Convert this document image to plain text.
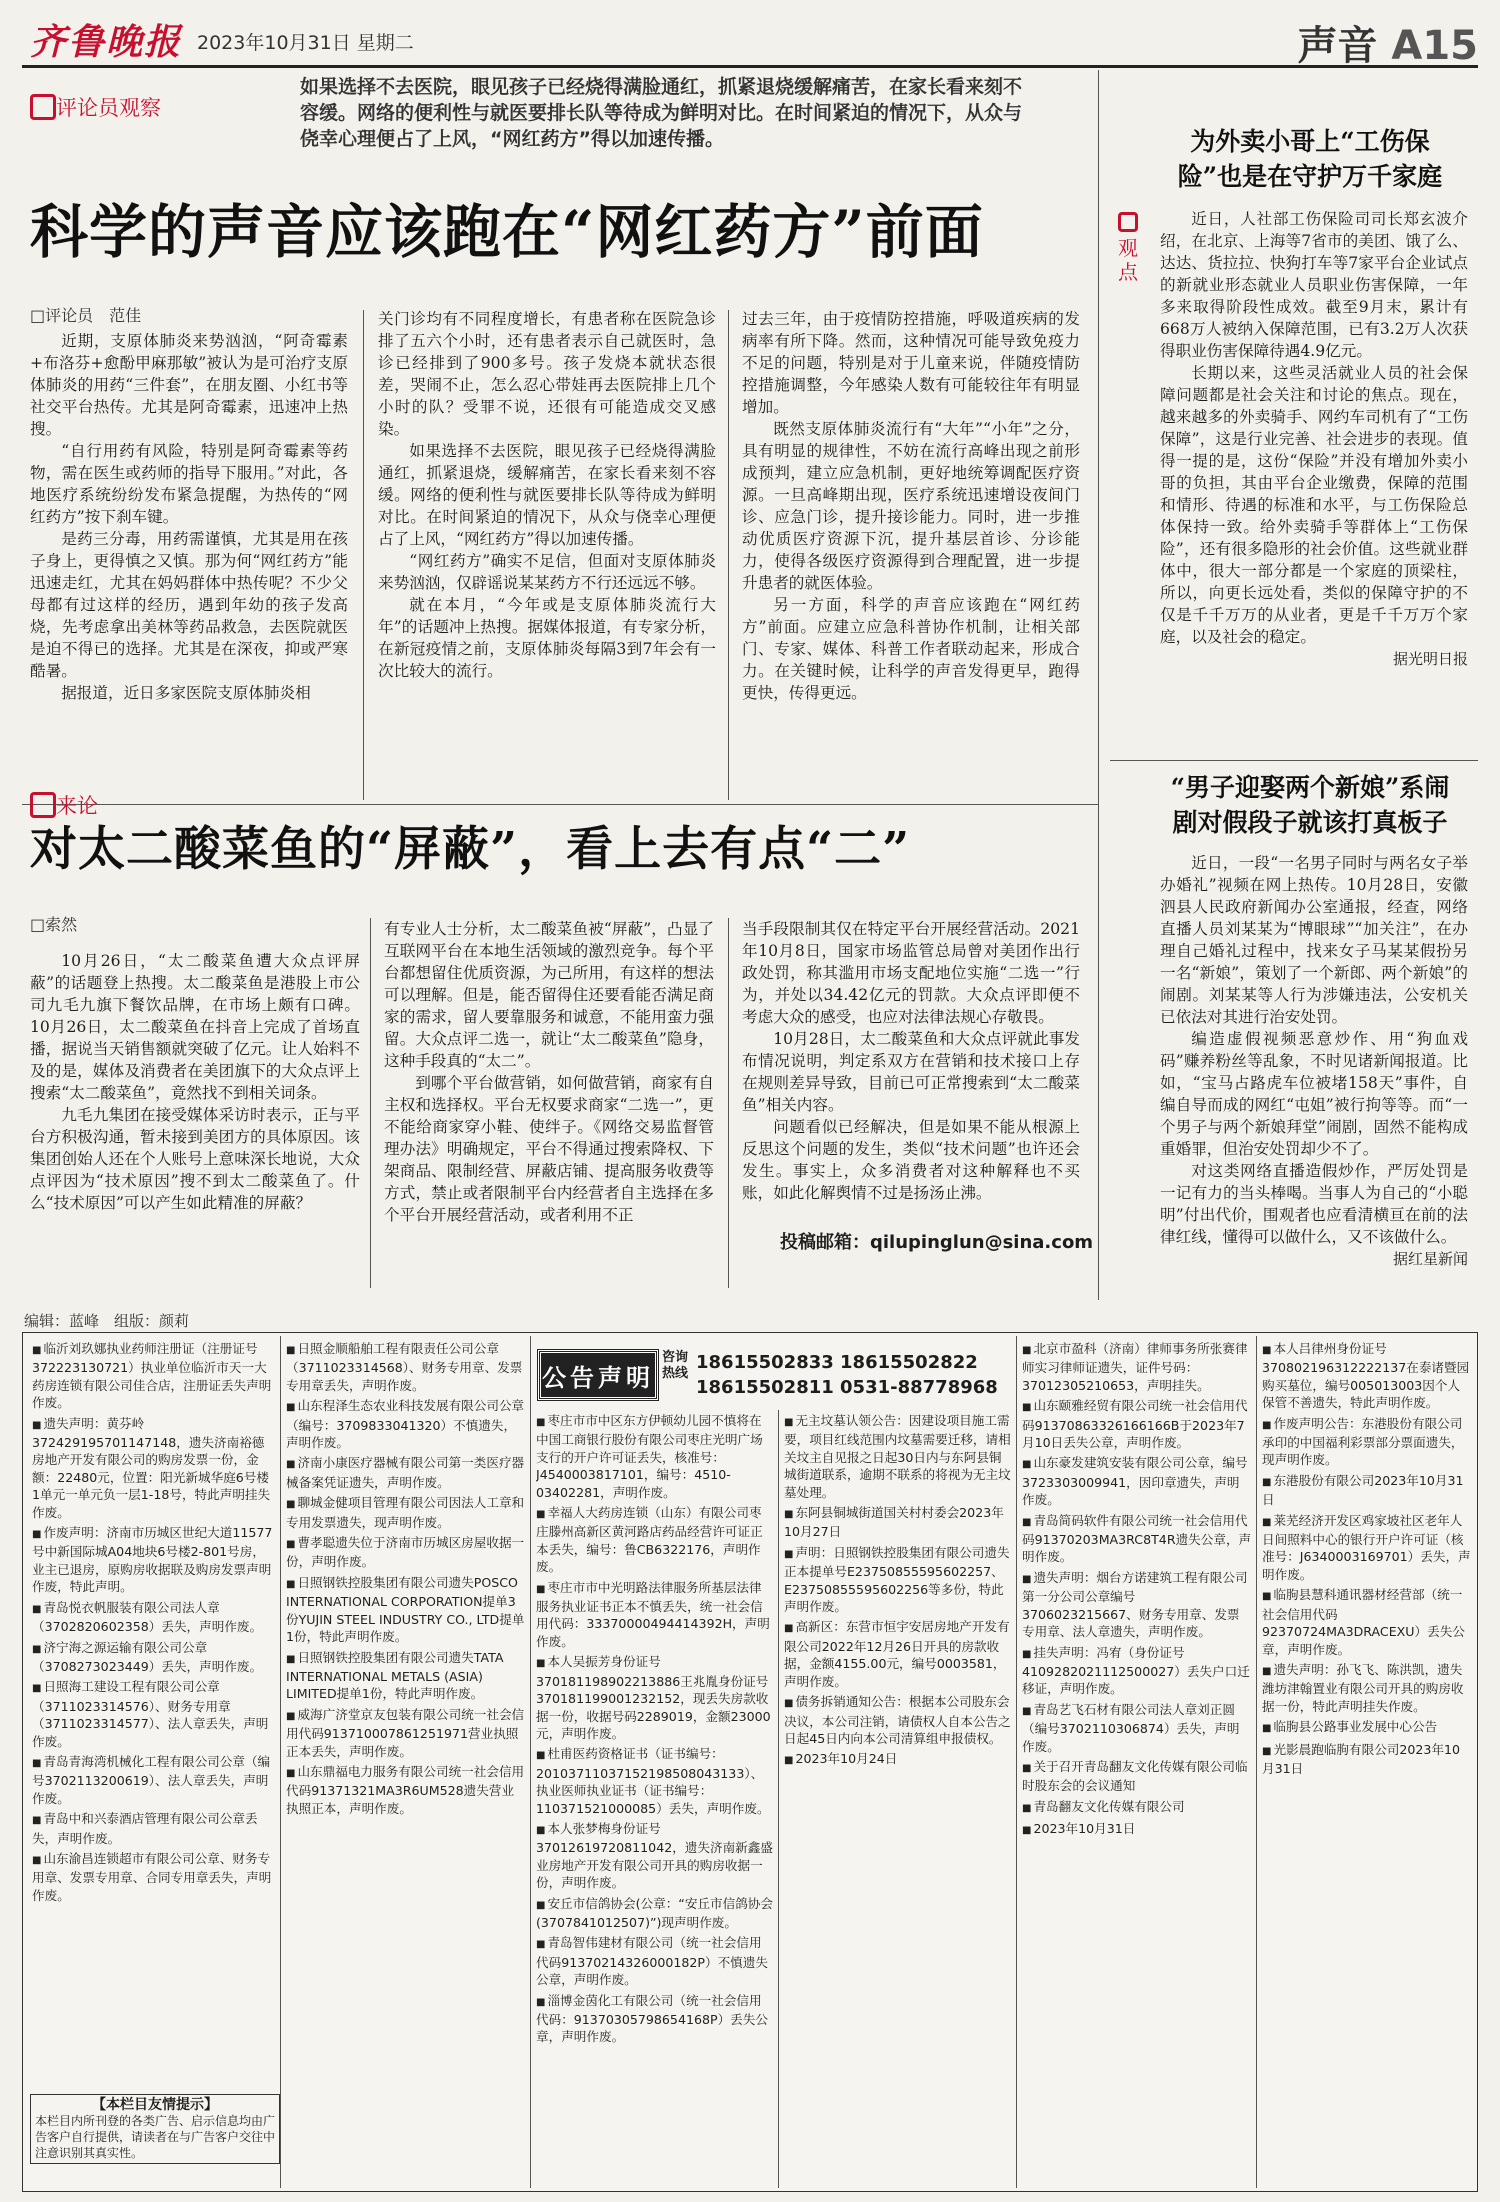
齐鲁晚报 2023年10月31日 星期二	声音 A15
评论员观察
如果选择不去医院，眼见孩子已经烧得满脸通红，抓紧退烧缓解痛苦，在家长看来刻不容缓。网络的便利性与就医要排长队等待成为鲜明对比。在时间紧迫的情况下，从众与侥幸心理便占了上风，“网红药方”得以加速传播。
科学的声音应该跑在“网红药方”前面
□评论员　范佳

近期，支原体肺炎来势汹汹，“阿奇霉素+布洛芬+愈酚甲麻那敏”被认为是可治疗支原体肺炎的用药“三件套”，在朋友圈、小红书等社交平台热传。尤其是阿奇霉素，迅速冲上热搜。

“自行用药有风险，特别是阿奇霉素等药物，需在医生或药师的指导下服用。”对此，各地医疗系统纷纷发布紧急提醒，为热传的“网红药方”按下刹车键。

是药三分毒，用药需谨慎，尤其是用在孩子身上，更得慎之又慎。那为何“网红药方”能迅速走红，尤其在妈妈群体中热传呢？不少父母都有过这样的经历，遇到年幼的孩子发高烧，先考虑拿出美林等药品救急，去医院就医是迫不得已的选择。尤其是在深夜，抑或严寒酷暑。

据报道，近日多家医院支原体肺炎相

关门诊均有不同程度增长，有患者称在医院急诊排了五六个小时，还有患者表示自己就医时，急诊已经排到了900多号。孩子发烧本就状态很差，哭闹不止，怎么忍心带娃再去医院排上几个小时的队？受罪不说，还很有可能造成交叉感染。

如果选择不去医院，眼见孩子已经烧得满脸通红，抓紧退烧，缓解痛苦，在家长看来刻不容缓。网络的便利性与就医要排长队等待成为鲜明对比。在时间紧迫的情况下，从众与侥幸心理便占了上风，“网红药方”得以加速传播。

“网红药方”确实不足信，但面对支原体肺炎来势汹汹，仅辟谣说某某药方不行还远远不够。

就在本月，“今年或是支原体肺炎流行大年”的话题冲上热搜。据媒体报道，有专家分析，在新冠疫情之前，支原体肺炎每隔3到7年会有一次比较大的流行。

过去三年，由于疫情防控措施，呼吸道疾病的发病率有所下降。然而，这种情况可能导致免疫力不足的问题，特别是对于儿童来说，伴随疫情防控措施调整，今年感染人数有可能较往年有明显增加。

既然支原体肺炎流行有“大年”“小年”之分，具有明显的规律性，不妨在流行高峰出现之前形成预判，建立应急机制，更好地统筹调配医疗资源。一旦高峰期出现，医疗系统迅速增设夜间门诊、应急门诊，提升接诊能力。同时，进一步推动优质医疗资源下沉，提升基层首诊、分诊能力，使得各级医疗资源得到合理配置，进一步提升患者的就医体验。

另一方面，科学的声音应该跑在“网红药方”前面。应建立应急科普协作机制，让相关部门、专家、媒体、科普工作者联动起来，形成合力。在关键时候，让科学的声音发得更早，跑得更快，传得更远。

来论
对太二酸菜鱼的“屏蔽”，看上去有点“二”
□索然

10月26日，“太二酸菜鱼遭大众点评屏蔽”的话题登上热搜。太二酸菜鱼是港股上市公司九毛九旗下餐饮品牌，在市场上颇有口碑。10月26日，太二酸菜鱼在抖音上完成了首场直播，据说当天销售额就突破了亿元。让人始料不及的是，媒体及消费者在美团旗下的大众点评上搜索“太二酸菜鱼”，竟然找不到相关词条。

九毛九集团在接受媒体采访时表示，正与平台方积极沟通，暂未接到美团方的具体原因。该集团创始人还在个人账号上意味深长地说，大众点评因为“技术原因”搜不到太二酸菜鱼了。什么“技术原因”可以产生如此精准的屏蔽？

有专业人士分析，太二酸菜鱼被“屏蔽”，凸显了互联网平台在本地生活领域的激烈竞争。每个平台都想留住优质资源，为己所用，有这样的想法可以理解。但是，能否留得住还要看能否满足商家的需求，留人要靠服务和诚意，不能用蛮力强留。大众点评二选一，就让“太二酸菜鱼”隐身，这种手段真的“太二”。

到哪个平台做营销，如何做营销，商家有自主权和选择权。平台无权要求商家“二选一”，更不能给商家穿小鞋、使绊子。《网络交易监督管理办法》明确规定，平台不得通过搜索降权、下架商品、限制经营、屏蔽店铺、提高服务收费等方式，禁止或者限制平台内经营者自主选择在多个平台开展经营活动，或者利用不正

当手段限制其仅在特定平台开展经营活动。2021年10月8日，国家市场监管总局曾对美团作出行政处罚，称其滥用市场支配地位实施“二选一”行为，并处以34.42亿元的罚款。大众点评即便不考虑大众的感受，也应对法律法规心存敬畏。

10月28日，太二酸菜鱼和大众点评就此事发布情况说明，判定系双方在营销和技术接口上存在规则差异导致，目前已可正常搜索到“太二酸菜鱼”相关内容。

问题看似已经解决，但是如果不能从根源上反思这个问题的发生，类似“技术问题”也许还会发生。事实上，众多消费者对这种解释也不买账，如此化解舆情不过是扬汤止沸。

投稿邮箱：qilupinglun@sina.com
观点
为外卖小哥上“工伤保险”也是在守护万千家庭

近日，人社部工伤保险司司长郑玄波介绍，在北京、上海等7省市的美团、饿了么、达达、货拉拉、快狗打车等7家平台企业试点的新就业形态就业人员职业伤害保障，一年多来取得阶段性成效。截至9月末，累计有668万人被纳入保障范围，已有3.2万人次获得职业伤害保障待遇4.9亿元。

长期以来，这些灵活就业人员的社会保障问题都是社会关注和讨论的焦点。现在，越来越多的外卖骑手、网约车司机有了“工伤保障”，这是行业完善、社会进步的表现。值得一提的是，这份“保险”并没有增加外卖小哥的负担，其由平台企业缴费，保障的范围和情形、待遇的标准和水平，与工伤保险总体保持一致。给外卖骑手等群体上“工伤保险”，还有很多隐形的社会价值。这些就业群体中，很大一部分都是一个家庭的顶梁柱，所以，向更长远处看，类似的保障守护的不仅是千千万万的从业者，更是千千万万个家庭，以及社会的稳定。

据光明日报
“男子迎娶两个新娘”系闹剧对假段子就该打真板子

近日，一段“一名男子同时与两名女子举办婚礼”视频在网上热传。10月28日，安徽泗县人民政府新闻办公室通报，经查，网络直播人员刘某某为“博眼球”“加关注”，在办理自己婚礼过程中，找来女子马某某假扮另一名“新娘”，策划了一个新郎、两个新娘”的闹剧。刘某某等人行为涉嫌违法，公安机关已依法对其进行治安处罚。

编造虚假视频恶意炒作、用“狗血戏码”赚养粉丝等乱象，不时见诸新闻报道。比如，“宝马占路虎车位被堵158天”事件，自编自导而成的网红“屯姐”被行拘等等。而“一个男子与两个新娘拜堂”闹剧，固然不能构成重婚罪，但治安处罚却少不了。

对这类网络直播造假炒作，严厉处罚是一记有力的当头棒喝。当事人为自己的“小聪明”付出代价，围观者也应看清横亘在前的法律红线，懂得可以做什么，又不该做什么。

据红星新闻
编辑：蓝峰　组版：颜莉
公告声明
咨询热线
18615502833 18615502822
18615502811 0531-88778968
■ 临沂刘玖娜执业药师注册证（注册证号372223130721）执业单位临沂市天一大药房连锁有限公司佳合店，注册证丢失声明作废。
■ 遗失声明：黄芬岭372429195701147148，遗失济南裕德房地产开发有限公司的购房发票一份，金额：22480元，位置：阳光新城华庭6号楼1单元一单元负一层1-18号，特此声明挂失作废。
■ 作废声明：济南市历城区世纪大道11577号中新国际城A04地块6号楼2-801号房，业主已退房，原购房收据联及购房发票声明作废，特此声明。
■ 青岛悦衣帆服装有限公司法人章（3702820602358）丢失，声明作废。
■ 济宁海之源运输有限公司公章（3708273023449）丢失，声明作废。
■ 日照海工建设工程有限公司公章（3711023314576）、财务专用章（3711023314577）、法人章丢失，声明作废。
■ 青岛青海湾机械化工程有限公司公章（编号3702113200619）、法人章丢失，声明作废。
■ 青岛中和兴泰酒店管理有限公司公章丢失，声明作废。
■ 山东渝昌连锁超市有限公司公章、财务专用章、发票专用章、合同专用章丢失，声明作废。
【本栏目友情提示】
本栏目内所刊登的各类广告、启示信息均由广告客户自行提供，请读者在与广告客户交往中注意识别其真实性。
■ 日照金顺船舶工程有限责任公司公章（3711023314568）、财务专用章、发票专用章丢失，声明作废。
■ 山东程泽生态农业科技发展有限公司公章（编号：3709833041320）不慎遗失，声明作废。
■ 济南小康医疗器械有限公司第一类医疗器械备案凭证遗失，声明作废。
■ 聊城金健项目管理有限公司因法人工章和专用发票遗失，现声明作废。
■ 曹孝聪遗失位于济南市历城区房屋收据一份，声明作废。
■ 日照钢铁控股集团有限公司遗失POSCO INTERNATIONAL CORPORATION提单3份YUJIN STEEL INDUSTRY CO., LTD提单1份，特此声明作废。
■ 日照钢铁控股集团有限公司遗失TATA INTERNATIONAL METALS (ASIA) LIMITED提单1份，特此声明作废。
■ 威海广济堂京友包装有限公司统一社会信用代码913710007861251971营业执照正本丢失，声明作废。
■ 山东鼎福电力服务有限公司统一社会信用代码91371321MA3R6UM528遗失营业执照正本，声明作废。
■ 枣庄市市中区东方伊顿幼儿园不慎将在中国工商银行股份有限公司枣庄光明广场支行的开户许可证丢失，核准号：J4540003817101，编号：4510-03402281，声明作废。
■ 幸福人大药房连锁（山东）有限公司枣庄滕州高新区黄河路店药品经营许可证正本丢失，编号：鲁CB6322176，声明作废。
■ 枣庄市市中光明路法律服务所基层法律服务执业证书正本不慎丢失，统一社会信用代码：33370000494414392H，声明作废。
■ 本人吴振芳身份证号370181198902213886王兆胤身份证号370181199001232152，现丢失房款收据一份，收据号码2289019，金额23000元，声明作废。
■ 杜甫医药资格证书（证书编号：20103711037152198508043133）、执业医师执业证书（证书编号：110371521000085）丢失，声明作废。
■ 本人张梦梅身份证号37012619720811042，遗失济南新鑫盛业房地产开发有限公司开具的购房收据一份，声明作废。
■ 安丘市信鸽协会(公章：“安丘市信鸽协会(3707841012507)”)现声明作废。
■ 青岛智伟建材有限公司（统一社会信用代码91370214326000182P）不慎遗失公章，声明作废。
■ 淄博金茵化工有限公司（统一社会信用代码：91370305798654168P）丢失公章，声明作废。
■ 无主坟墓认领公告：因建设项目施工需要，项目红线范围内坟墓需要迁移，请相关坟主自见报之日起30日内与东阿县铜城街道联系，逾期不联系的将视为无主坟墓处理。
■ 东阿县铜城街道国关村村委会2023年10月27日
■ 声明：日照钢铁控股集团有限公司遗失正本提单号E23750855595602257、E23750855595602256等多份，特此声明作废。
■ 高新区：东营市恒宇安居房地产开发有限公司2022年12月26日开具的房款收据，金额4155.00元，编号0003581，声明作废。
■ 债务拆销通知公告：根据本公司股东会决议，本公司注销，请债权人自本公告之日起45日内向本公司清算组申报债权。
■ 2023年10月24日
■ 北京市盈科（济南）律师事务所张赛律师实习律师证遗失，证件号码：37012305210653，声明挂失。
■ 山东颐雅经贸有限公司统一社会信用代码91370863326166166B于2023年7月10日丢失公章，声明作废。
■ 山东豪发建筑安装有限公司公章，编号3723303009941，因印章遗失，声明作废。
■ 青岛简码软件有限公司统一社会信用代码91370203MA3RC8T4R遗失公章，声明作废。
■ 遗失声明：烟台方诺建筑工程有限公司第一分公司公章编号3706023215667、财务专用章、发票专用章、法人章遗失，声明作废。
■ 挂失声明：冯宥（身份证号4109282021112500027）丢失户口迁移证，声明作废。
■ 青岛艺飞石材有限公司法人章刘正圆（编号3702110306874）丢失，声明作废。
■ 关于召开青岛翻友文化传媒有限公司临时股东会的会议通知
■ 青岛翻友文化传媒有限公司
■ 2023年10月31日
■ 本人吕律州身份证号370802196312222137在泰诸暨园购买墓位，编号005013003因个人保管不善遗失，特此声明作废。
■ 作废声明公告：东港股份有限公司承印的中国福利彩票部分票面遗失，现声明作废。
■ 东港股份有限公司2023年10月31日
■ 莱芜经济开发区鸡家坡社区老年人日间照料中心的银行开户许可证（核准号：J6340003169701）丢失，声明作废。
■ 临朐县慧科通讯器材经营部（统一社会信用代码92370724MA3DRACEXU）丢失公章，声明作废。
■ 遗失声明：孙飞飞、陈洪凯，遗失潍坊津翰置业有限公司开具的购房收据一份，特此声明挂失作废。
■ 临朐县公路事业发展中心公告
■ 光影晨跑临朐有限公司2023年10月31日
